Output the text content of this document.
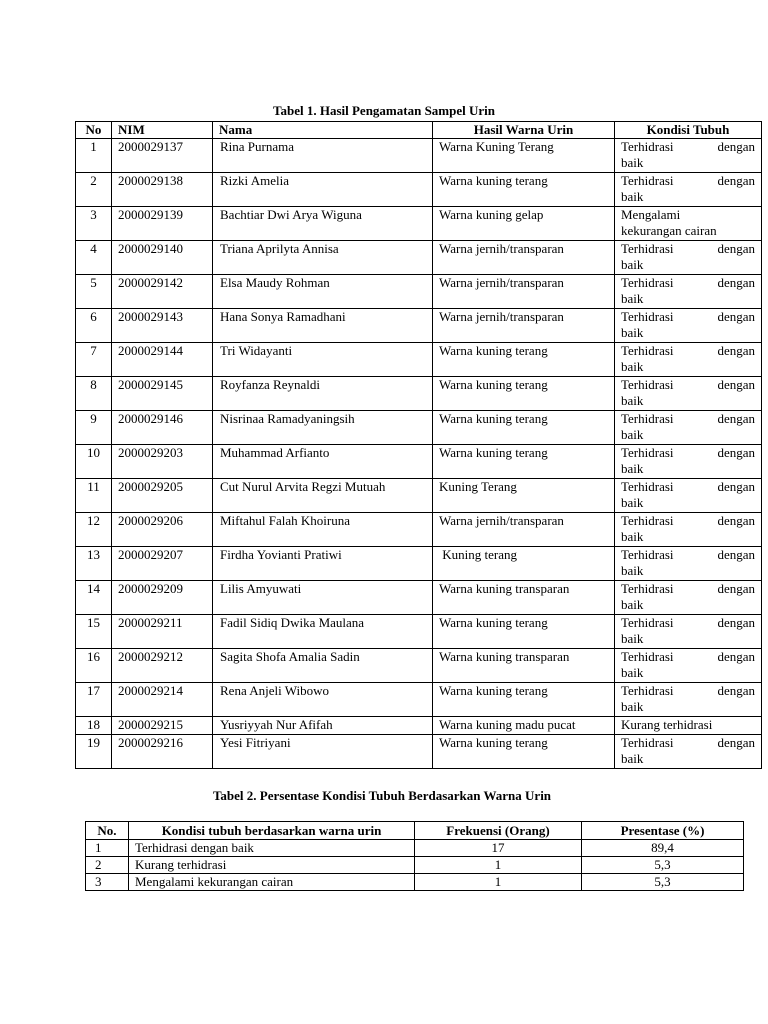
Tabel 1. Hasil Pengamatan Sampel Urin
No	NIM	Nama	Hasil Warna Urin	Kondisi Tubuh
1	2000029137	Rina Purnama	Warna Kuning Terang	Terhidrasi dengan
baik

2	2000029138	Rizki Amelia	Warna kuning terang	Terhidrasi dengan
baik

3	2000029139	Bachtiar Dwi Arya Wiguna	Warna kuning gelap	Mengalami
kekurangan cairan

4	2000029140	Triana Aprilyta Annisa	Warna jernih/transparan	Terhidrasi dengan
baik

5	2000029142	Elsa Maudy Rohman	Warna jernih/transparan	Terhidrasi dengan
baik

6	2000029143	Hana Sonya Ramadhani	Warna jernih/transparan	Terhidrasi dengan
baik

7	2000029144	Tri Widayanti	Warna kuning terang	Terhidrasi dengan
baik

8	2000029145	Royfanza Reynaldi	Warna kuning terang	Terhidrasi dengan
baik

9	2000029146	Nisrinaa Ramadyaningsih	Warna kuning terang	Terhidrasi dengan
baik

10	2000029203	Muhammad Arfianto	Warna kuning terang	Terhidrasi dengan
baik

11	2000029205	Cut Nurul Arvita Regzi Mutuah	Kuning Terang	Terhidrasi dengan
baik

12	2000029206	Miftahul Falah Khoiruna	Warna jernih/transparan	Terhidrasi dengan
baik

13	2000029207	Firdha Yovianti Pratiwi	Kuning terang	Terhidrasi dengan
baik

14	2000029209	Lilis Amyuwati	Warna kuning transparan	Terhidrasi dengan
baik

15	2000029211	Fadil Sidiq Dwika Maulana	Warna kuning terang	Terhidrasi dengan
baik

16	2000029212	Sagita Shofa Amalia Sadin	Warna kuning transparan	Terhidrasi dengan
baik

17	2000029214	Rena Anjeli Wibowo	Warna kuning terang	Terhidrasi dengan
baik

18	2000029215	Yusriyyah Nur Afifah	Warna kuning madu pucat	Kurang terhidrasi

19	2000029216	Yesi Fitriyani	Warna kuning terang	Terhidrasi dengan
baik
Tabel 2. Persentase Kondisi Tubuh Berdasarkan Warna Urin
No.	Kondisi tubuh berdasarkan warna urin	Frekuensi (Orang)	Presentase (%)
1	Terhidrasi dengan baik	17	89,4
2	Kurang terhidrasi	1	5,3
3	Mengalami kekurangan cairan	1	5,3
